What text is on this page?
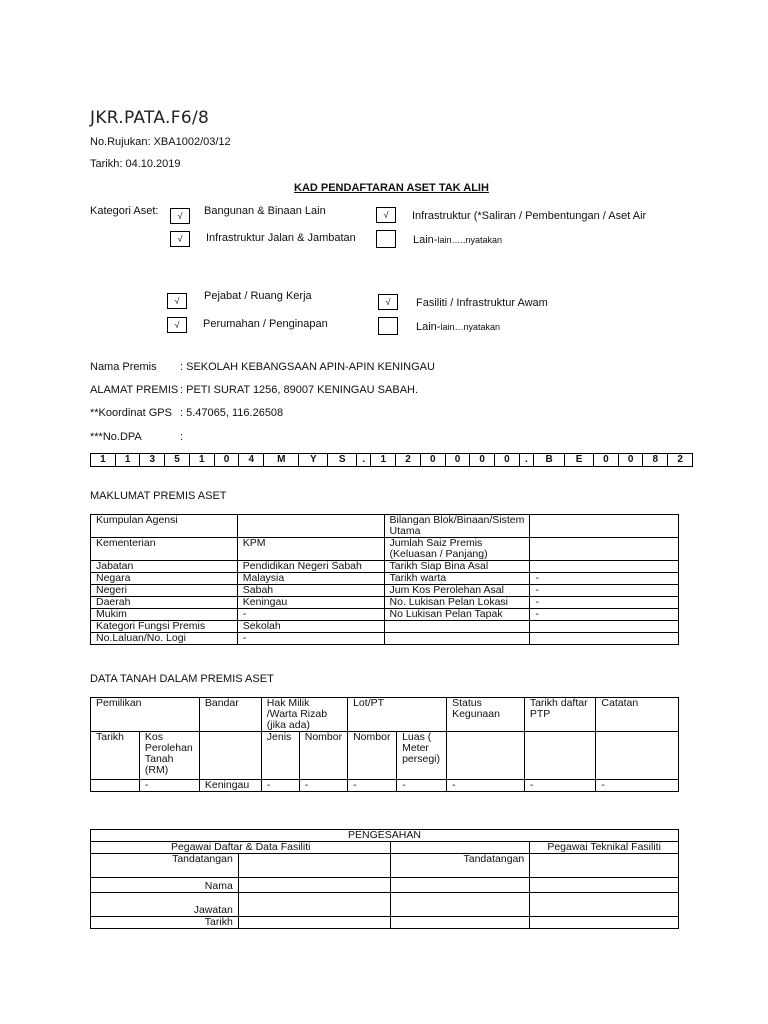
JKR.PATA.F6/8
No.Rujukan: XBA1002/03/12
Tarikh: 04.10.2019
KAD PENDAFTARAN ASET TAK ALIH
Kategori Aset:	√	Bangunan & Binaan Lain	√	Infrastruktur (*Saliran / Pembentungan / Aset Air
√	Infrastruktur Jalan & Jambatan	Lain-lain…..nyatakan
√	Pejabat / Ruang Kerja	√	Fasiliti / Infrastruktur Awam
√	Perumahan / Penginapan	Lain-lain…nyatakan
Nama Premis : SEKOLAH KEBANGSAAN APIN-APIN KENINGAU
ALAMAT PREMIS : PETI SURAT 1256, 89007 KENINGAU SABAH.
**Koordinat GPS : 5.47065, 116.26508
***No.DPA	:
1	1	3	5	1	0	4	M	Y	S	.	1	2	0	0	0	0	.	B	E	0	0	8	2
MAKLUMAT PREMIS ASET
Kumpulan Agensi		Bilangan Blok/Binaan/Sistem Utama	
Kementerian	KPM	Jumlah Saiz Premis (Keluasan / Panjang)	
Jabatan	Pendidikan Negeri Sabah	Tarikh Siap Bina Asal	
Negara	Malaysia	Tarikh warta	-
Negeri	Sabah	Jum Kos Perolehan Asal	-
Daerah	Keningau	No. Lukisan Pelan Lokasi	-
Mukim	-	No Lukisan Pelan Tapak	-
Kategori Fungsi Premis	Sekolah		
No.Laluan/No. Logi	-		
DATA TANAH DALAM PREMIS ASET
Pemilikan		Bandar	Hak Milik /Warta Rizab (jika ada)		Lot/PT		Status Kegunaan	Tarikh daftar PTP	Catatan
Tarikh	Kos Perolehan Tanah (RM)		Jenis	Nombor	Nombor	Luas ( Meter persegi)			
	-	Keningau	-	-	-	-	-	-	-
PENGESAHAN			
Pegawai Daftar & Data Fasiliti			Pegawai Teknikal Fasiliti
Tandatangan		Tandatangan	
Nama			
Jawatan			
Tarikh			
